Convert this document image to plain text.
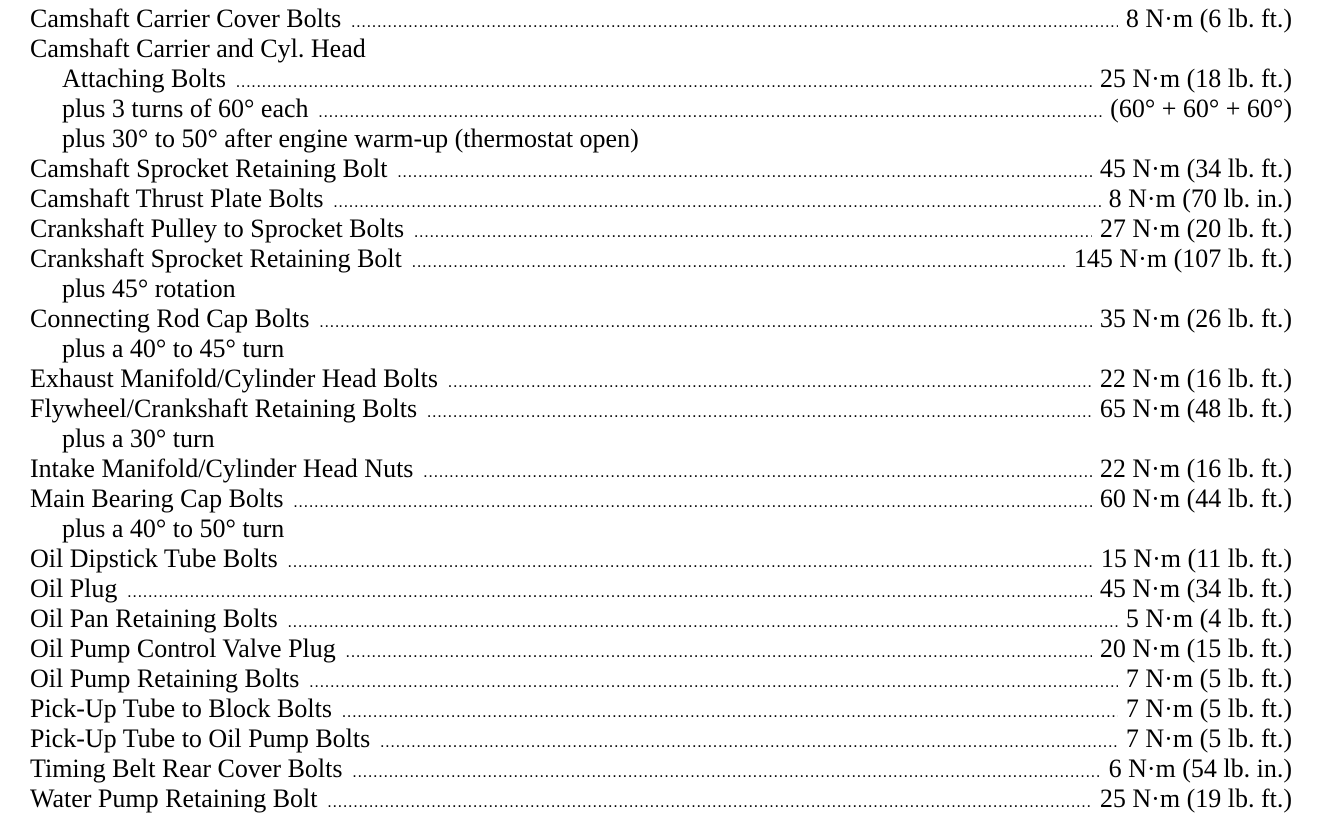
Camshaft Carrier Cover Bolts .....	8 N·m (6 lb. ft.)
Camshaft Carrier and Cyl. Head
Attaching Bolts .....	25 N·m (18 lb. ft.)
plus 3 turns of 60° each .....	(60° + 60° + 60°)
plus 30° to 50° after engine warm-up (thermostat open)
Camshaft Sprocket Retaining Bolt .....	45 N·m (34 lb. ft.)
Camshaft Thrust Plate Bolts .....	8 N·m (70 lb. in.)
Crankshaft Pulley to Sprocket Bolts .....	27 N·m (20 lb. ft.)
Crankshaft Sprocket Retaining Bolt .....	145 N·m (107 lb. ft.)
plus 45° rotation
Connecting Rod Cap Bolts .....	35 N·m (26 lb. ft.)
plus a 40° to 45° turn
Exhaust Manifold/Cylinder Head Bolts .....	22 N·m (16 lb. ft.)
Flywheel/Crankshaft Retaining Bolts .....	65 N·m (48 lb. ft.)
plus a 30° turn
Intake Manifold/Cylinder Head Nuts .....	22 N·m (16 lb. ft.)
Main Bearing Cap Bolts .....	60 N·m (44 lb. ft.)
plus a 40° to 50° turn
Oil Dipstick Tube Bolts .....	15 N·m (11 lb. ft.)
Oil Plug .....	45 N·m (34 lb. ft.)
Oil Pan Retaining Bolts .....	5 N·m (4 lb. ft.)
Oil Pump Control Valve Plug .....	20 N·m (15 lb. ft.)
Oil Pump Retaining Bolts .....	7 N·m (5 lb. ft.)
Pick-Up Tube to Block Bolts .....	7 N·m (5 lb. ft.)
Pick-Up Tube to Oil Pump Bolts .....	7 N·m (5 lb. ft.)
Timing Belt Rear Cover Bolts .....	6 N·m (54 lb. in.)
Water Pump Retaining Bolt .....	25 N·m (19 lb. ft.)
